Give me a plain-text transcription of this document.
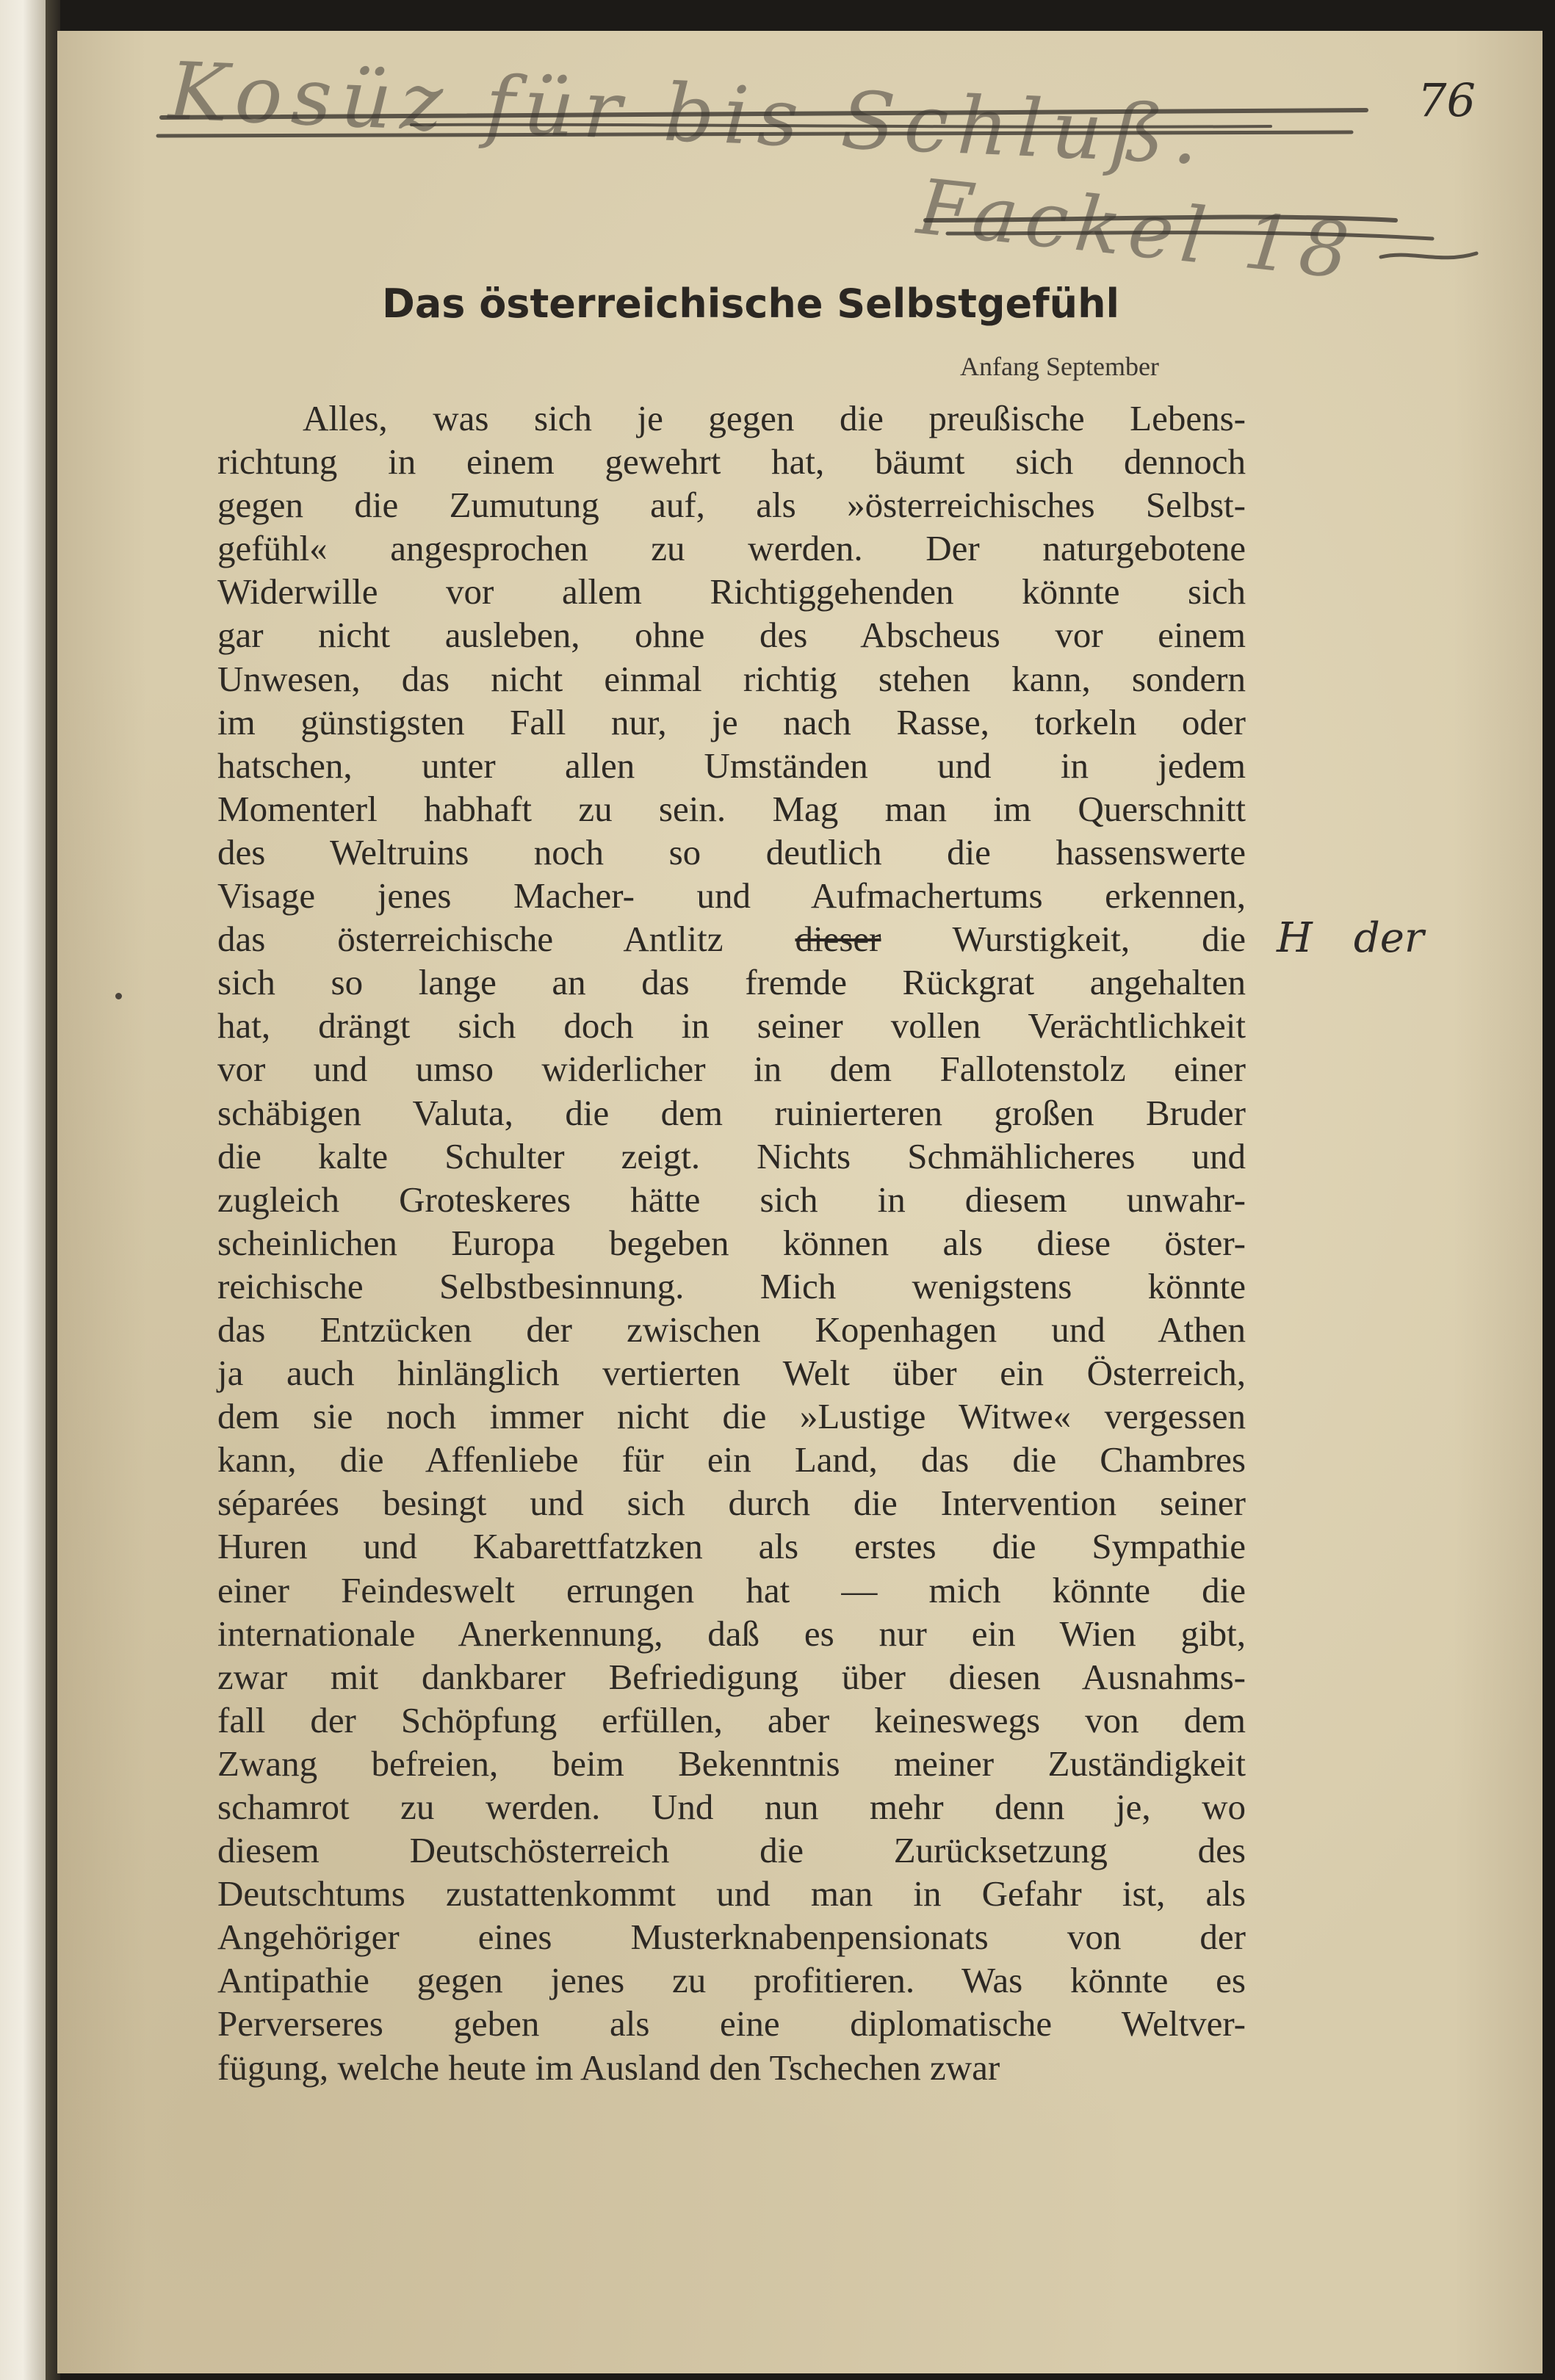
Kosüz für bis Schluß.
Fackel 18
76
Das österreichische Selbstgefühl
Anfang September
Alles, was sich je gegen die preußische Lebens-
richtung in einem gewehrt hat, bäumt sich dennoch
gegen die Zumutung auf, als »österreichisches Selbst-
gefühl« angesprochen zu werden. Der naturgebotene
Widerwille vor allem Richtiggehenden könnte sich
gar nicht ausleben, ohne des Abscheus vor einem
Unwesen, das nicht einmal richtig stehen kann, sondern
im günstigsten Fall nur, je nach Rasse, torkeln oder
hatschen, unter allen Umständen und in jedem
Momenterl habhaft zu sein. Mag man im Querschnitt
des Weltruins noch so deutlich die hassenswerte
Visage jenes Macher- und Aufmachertums erkennen,
das österreichische Antlitz dieser Wurstigkeit, die
sich so lange an das fremde Rückgrat angehalten
hat, drängt sich doch in seiner vollen Verächtlichkeit
vor und umso widerlicher in dem Fallotenstolz einer
schäbigen Valuta, die dem ruinierteren großen Bruder
die kalte Schulter zeigt. Nichts Schmählicheres und
zugleich Groteskeres hätte sich in diesem unwahr-
scheinlichen Europa begeben können als diese öster-
reichische Selbstbesinnung. Mich wenigstens könnte
das Entzücken der zwischen Kopenhagen und Athen
ja auch hinlänglich vertierten Welt über ein Österreich,
dem sie noch immer nicht die »Lustige Witwe« vergessen
kann, die Affenliebe für ein Land, das die Chambres
séparées besingt und sich durch die Intervention seiner
Huren und Kabarettfatzken als erstes die Sympathie
einer Feindeswelt errungen hat — mich könnte die
internationale Anerkennung, daß es nur ein Wien gibt,
zwar mit dankbarer Befriedigung über diesen Ausnahms-
fall der Schöpfung erfüllen, aber keineswegs von dem
Zwang befreien, beim Bekenntnis meiner Zuständigkeit
schamrot zu werden. Und nun mehr denn je, wo
diesem Deutschösterreich die Zurücksetzung des
Deutschtums zustattenkommt und man in Gefahr ist, als
Angehöriger eines Musterknabenpensionats von der
Antipathie gegen jenes zu profitieren. Was könnte es
Perverseres geben als eine diplomatische Weltver-
fügung, welche heute im Ausland den Tschechen zwar
H  der
